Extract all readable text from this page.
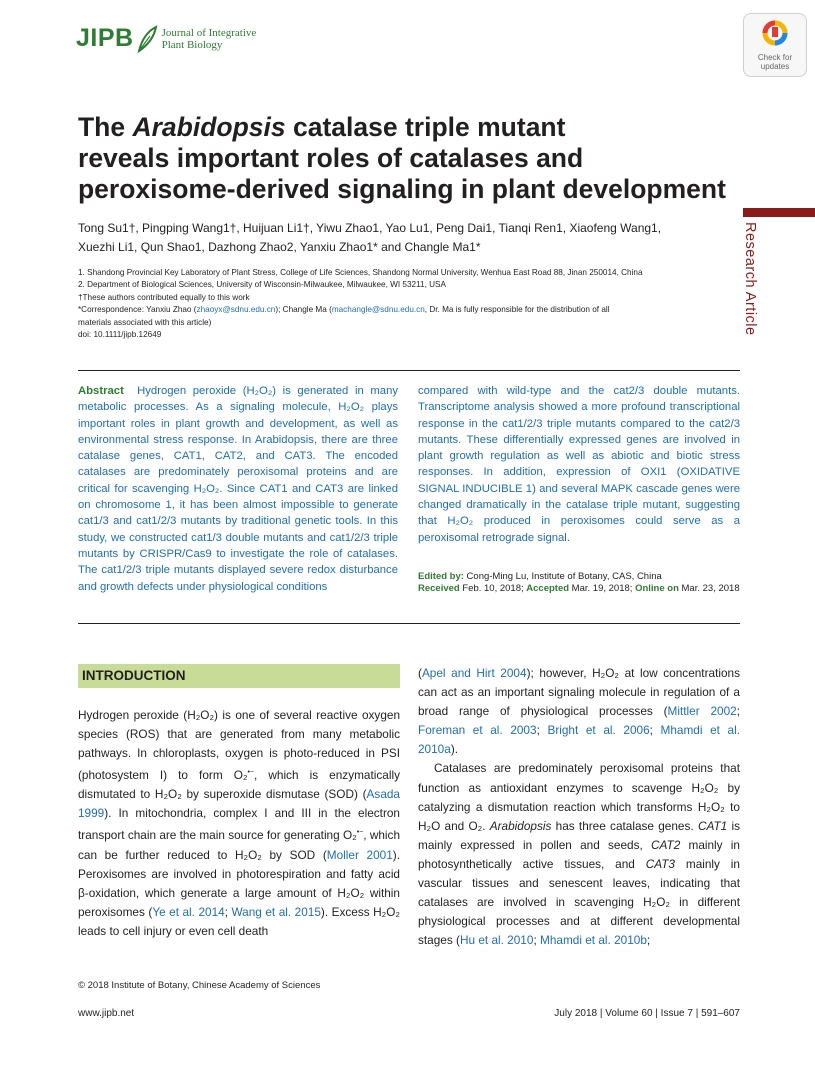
JIPB	Journal of Integrative
Plant Biology
Check for updates
The Arabidopsis catalase triple mutant
reveals important roles of catalases and
peroxisome-derived signaling in plant development
Tong Su1†, Pingping Wang1†, Huijuan Li1†, Yiwu Zhao1, Yao Lu1, Peng Dai1, Tianqi Ren1, Xiaofeng Wang1,
Xuezhi Li1, Qun Shao1, Dazhong Zhao2, Yanxiu Zhao1* and Changle Ma1*
1. Shandong Provincial Key Laboratory of Plant Stress, College of Life Sciences, Shandong Normal University, Wenhua East Road 88, Jinan 250014, China
2. Department of Biological Sciences, University of Wisconsin-Milwaukee, Milwaukee, WI 53211, USA
†These authors contributed equally to this work
*Correspondence: Yanxiu Zhao (zhaoyx@sdnu.edu.cn); Changle Ma (machangle@sdnu.edu.cn, Dr. Ma is fully responsible for the distribution of all
materials associated with this article)
doi: 10.1111/jipb.12649	Research Article
Abstract Hydrogen peroxide (H₂O₂) is generated in many metabolic processes. As a signaling molecule, H₂O₂ plays important roles in plant growth and development, as well as environmental stress response. In Arabidopsis, there are three catalase genes, CAT1, CAT2, and CAT3. The encoded catalases are predominately peroxisomal proteins and are critical for scavenging H₂O₂. Since CAT1 and CAT3 are linked on chromosome 1, it has been almost impossible to generate cat1/3 and cat1/2/3 mutants by traditional genetic tools. In this study, we constructed cat1/3 double mutants and cat1/2/3 triple mutants by CRISPR/Cas9 to investigate the role of catalases. The cat1/2/3 triple mutants displayed severe redox disturbance and growth defects under physiological conditions
compared with wild-type and the cat2/3 double mutants. Transcriptome analysis showed a more profound transcriptional response in the cat1/2/3 triple mutants compared to the cat2/3 mutants. These differentially expressed genes are involved in plant growth regulation as well as abiotic and biotic stress responses. In addition, expression of OXI1 (OXIDATIVE SIGNAL INDUCIBLE 1) and several MAPK cascade genes were changed dramatically in the catalase triple mutant, suggesting that H₂O₂ produced in peroxisomes could serve as a peroxisomal retrograde signal.
Edited by: Cong-Ming Lu, Institute of Botany, CAS, China
Received Feb. 10, 2018; Accepted Mar. 19, 2018; Online on Mar. 23, 2018
INTRODUCTION
Hydrogen peroxide (H₂O₂) is one of several reactive oxygen species (ROS) that are generated from many metabolic pathways. In chloroplasts, oxygen is photo-reduced in PSI (photosystem I) to form O₂•−, which is enzymatically dismutated to H₂O₂ by superoxide dismutase (SOD) (Asada 1999). In mitochondria, complex I and III in the electron transport chain are the main source for generating O₂•−, which can be further reduced to H₂O₂ by SOD (Moller 2001). Peroxisomes are involved in photorespiration and fatty acid β-oxidation, which generate a large amount of H₂O₂ within peroxisomes (Ye et al. 2014; Wang et al. 2015). Excess H₂O₂ leads to cell injury or even cell death
(Apel and Hirt 2004); however, H₂O₂ at low concentrations can act as an important signaling molecule in regulation of a broad range of physiological processes (Mittler 2002; Foreman et al. 2003; Bright et al. 2006; Mhamdi et al. 2010a).
Catalases are predominately peroxisomal proteins that function as antioxidant enzymes to scavenge H₂O₂ by catalyzing a dismutation reaction which transforms H₂O₂ to H₂O and O₂. Arabidopsis has three catalase genes. CAT1 is mainly expressed in pollen and seeds, CAT2 mainly in photosynthetically active tissues, and CAT3 mainly in vascular tissues and senescent leaves, indicating that catalases are involved in scavenging H₂O₂ in different physiological processes and at different developmental stages (Hu et al. 2010; Mhamdi et al. 2010b;
© 2018 Institute of Botany, Chinese Academy of Sciences
www.jipb.net	July 2018 | Volume 60 | Issue 7 | 591–607
